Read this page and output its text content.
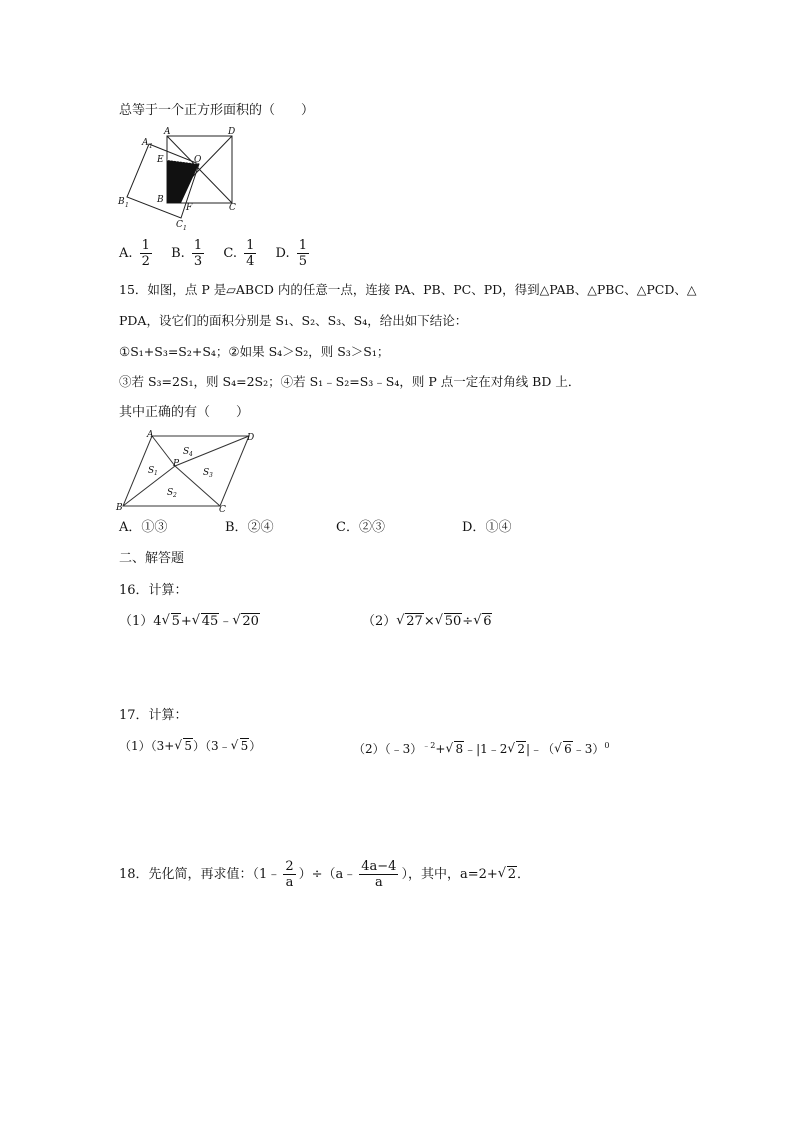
总等于一个正方形面积的（　　）
A	D
A 1
E	O
B 1
B
F	C
C 1
A. $\frac{1}{2} B$. $\frac{1}{3} C$. $\frac{1}{4} D$. $\frac{1}{5}$
15．如图，点 P 是▱ABCD 内的任意一点，连接 PA、PB、PC、PD，得到△PAB、△PBC、△PCD、△
PDA，设它们的面积分别是 S₁、S₂、S₃、S₄，给出如下结论：
①S₁+S₃=S₂+S₄；②如果 S₄＞S₂，则 S₃＞S₁；
③若 S₃=2S₁，则 S₄=2S₂；④若 S₁﹣S₂=S₃﹣S₄，则 P 点一定在对角线 BD 上．
其中正确的有（　　）
A	D
B	C
P
S 1
S 2
S 3
S 4
A．①③	B．②④	C．②③	D．①④
二、解答题
16．计算：
（1）4 √ 5+ √ 45﹣ √ 20	（2） √ 27× √ 50÷ √ 6
17．计算：
（1）（3+ √ 5）（3﹣ √ 5）	（2）（﹣3）$^{﹣2}$+ √ 8﹣|1﹣2 √ 2|﹣（ √ 6﹣3）$^0$
18．先化简，再求值：（1﹣ $\frac{2}{a}$ ）÷（a﹣ $\frac{4a-4}{a}$ ），其中，a=2+ √ 2．
